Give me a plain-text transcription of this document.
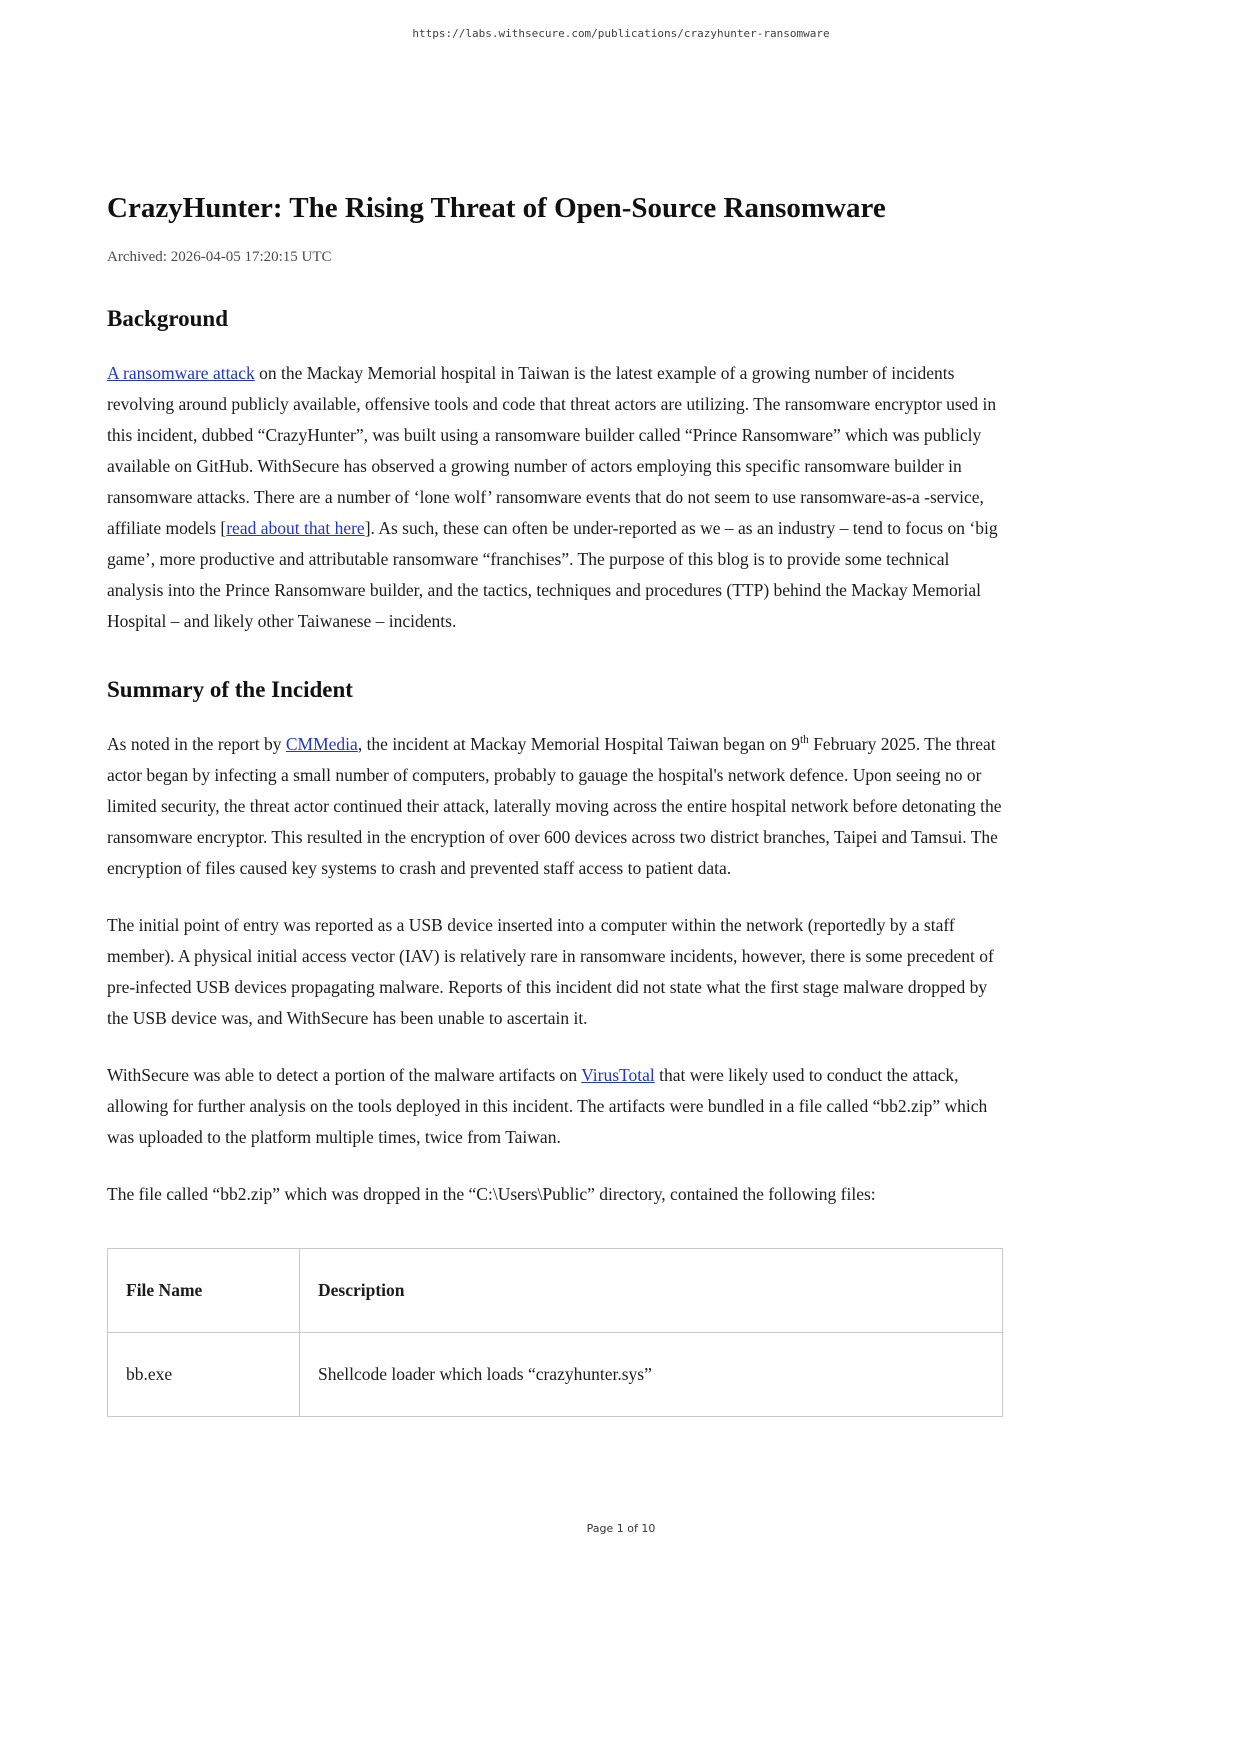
https://labs.withsecure.com/publications/crazyhunter-ransomware
CrazyHunter: The Rising Threat of Open-Source Ransomware
Archived: 2026-04-05 17:20:15 UTC
Background

A ransomware attack on the Mackay Memorial hospital in Taiwan is the latest example of a growing number of incidents revolving around publicly available, offensive tools and code that threat actors are utilizing. The ransomware encryptor used in this incident, dubbed “CrazyHunter”, was built using a ransomware builder called “Prince Ransomware” which was publicly available on GitHub. WithSecure has observed a growing number of actors employing this specific ransomware builder in ransomware attacks. There are a number of ‘lone wolf’ ransomware events that do not seem to use ransomware-as-a -service, affiliate models [read about that here]. As such, these can often be under-reported as we – as an industry – tend to focus on ‘big game’, more productive and attributable ransomware “franchises”. The purpose of this blog is to provide some technical analysis into the Prince Ransomware builder, and the tactics, techniques and procedures (TTP) behind the Mackay Memorial Hospital – and likely other Taiwanese – incidents.

Summary of the Incident

As noted in the report by CMMedia, the incident at Mackay Memorial Hospital Taiwan began on 9th February 2025. The threat actor began by infecting a small number of computers, probably to gauage the hospital's network defence. Upon seeing no or limited security, the threat actor continued their attack, laterally moving across the entire hospital network before detonating the ransomware encryptor. This resulted in the encryption of over 600 devices across two district branches, Taipei and Tamsui. The encryption of files caused key systems to crash and prevented staff access to patient data.

The initial point of entry was reported as a USB device inserted into a computer within the network (reportedly by a staff member). A physical initial access vector (IAV) is relatively rare in ransomware incidents, however, there is some precedent of pre-infected USB devices propagating malware. Reports of this incident did not state what the first stage malware dropped by the USB device was, and WithSecure has been unable to ascertain it.

WithSecure was able to detect a portion of the malware artifacts on VirusTotal that were likely used to conduct the attack, allowing for further analysis on the tools deployed in this incident. The artifacts were bundled in a file called “bb2.zip” which was uploaded to the platform multiple times, twice from Taiwan.

The file called “bb2.zip” which was dropped in the “C:\Users\Public” directory, contained the following files:

File Name	Description
bb.exe	Shellcode loader which loads “crazyhunter.sys”
Page 1 of 10
